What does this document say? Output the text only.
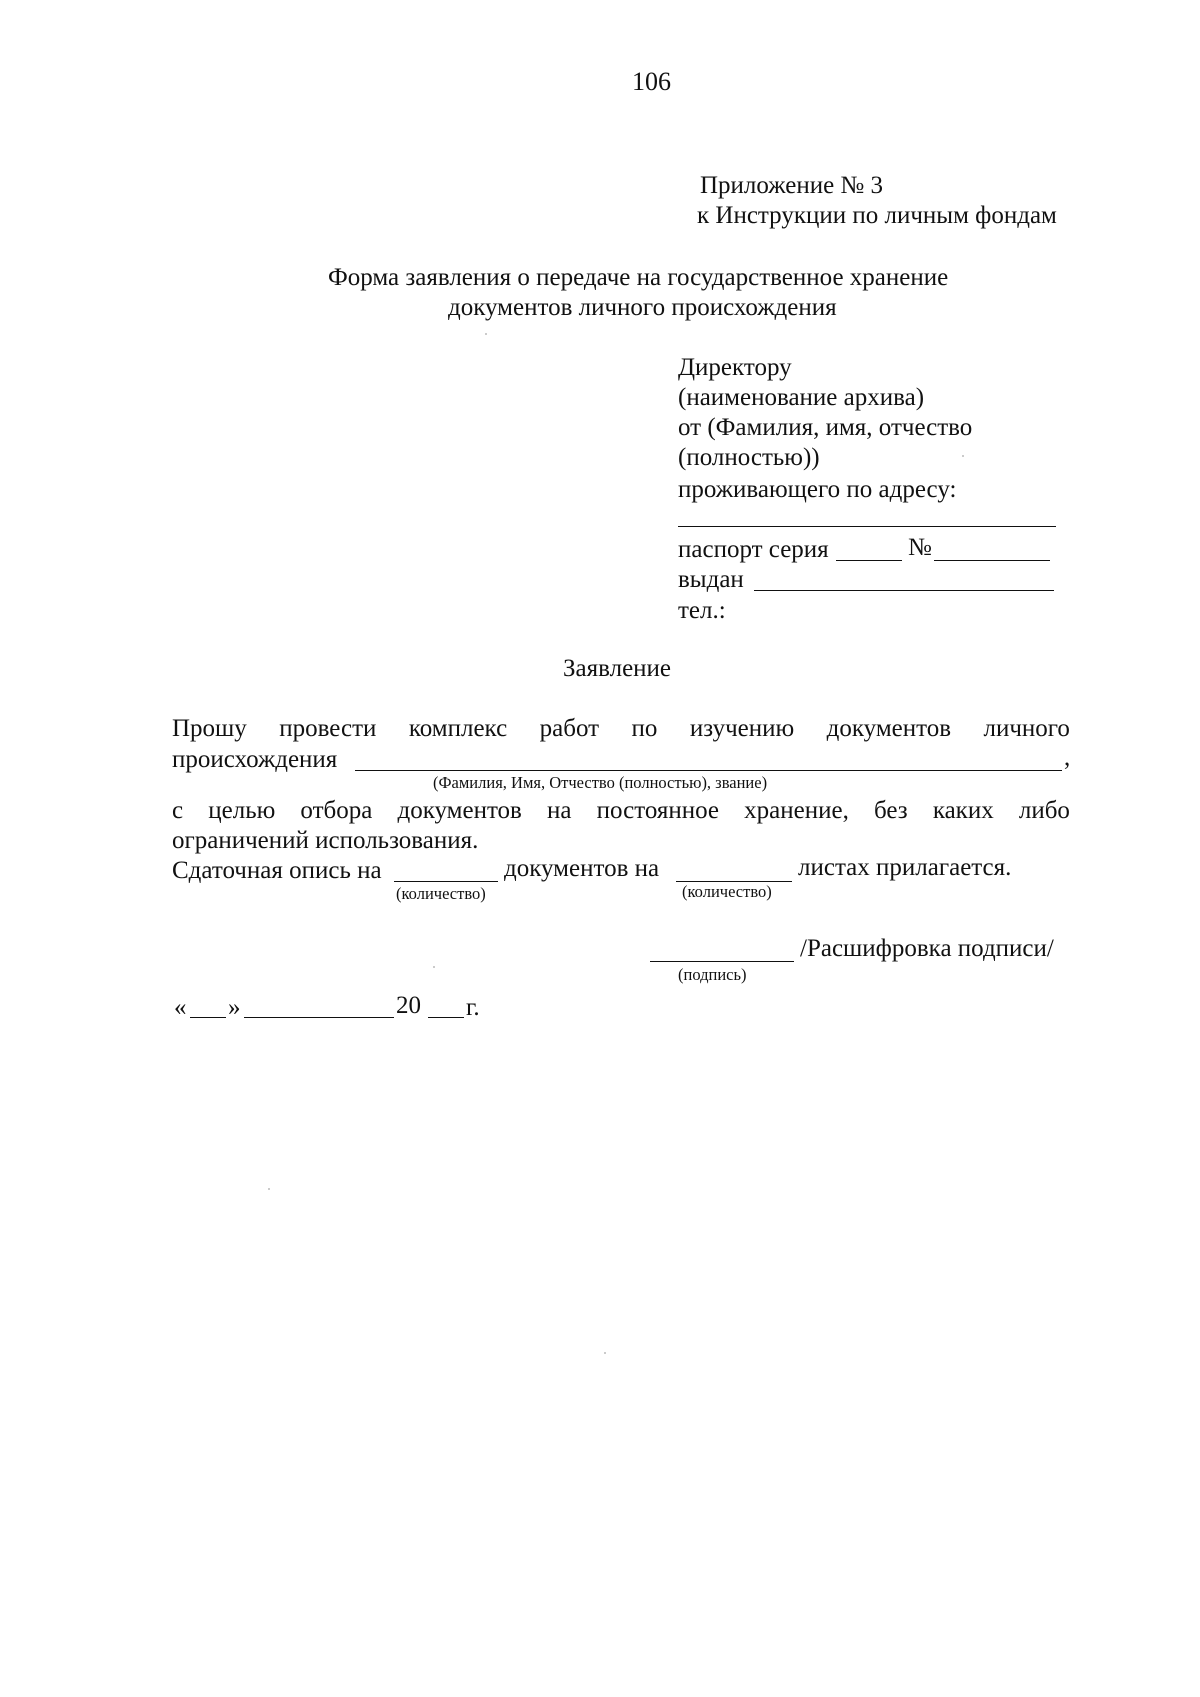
106
Приложение № 3
к Инструкции по личным фондам
Форма заявления о передаче на государственное хранение
документов личного происхождения
Директору
(наименование архива)
от (Фамилия, имя, отчество
(полностью))
проживающего по адресу:
паспорт серия	№
выдан
тел.:
Заявление
Прошу провести комплекс работ по изучению документов личного
происхождения	,
(Фамилия, Имя, Отчество (полностью), звание)
с целью отбора документов на постоянное хранение, без каких либо
ограничений использования.
Сдаточная опись на	документов на	листах прилагается.
(количество)	(количество)
/Расшифровка подписи/
(подпись)
« »	20 г.
